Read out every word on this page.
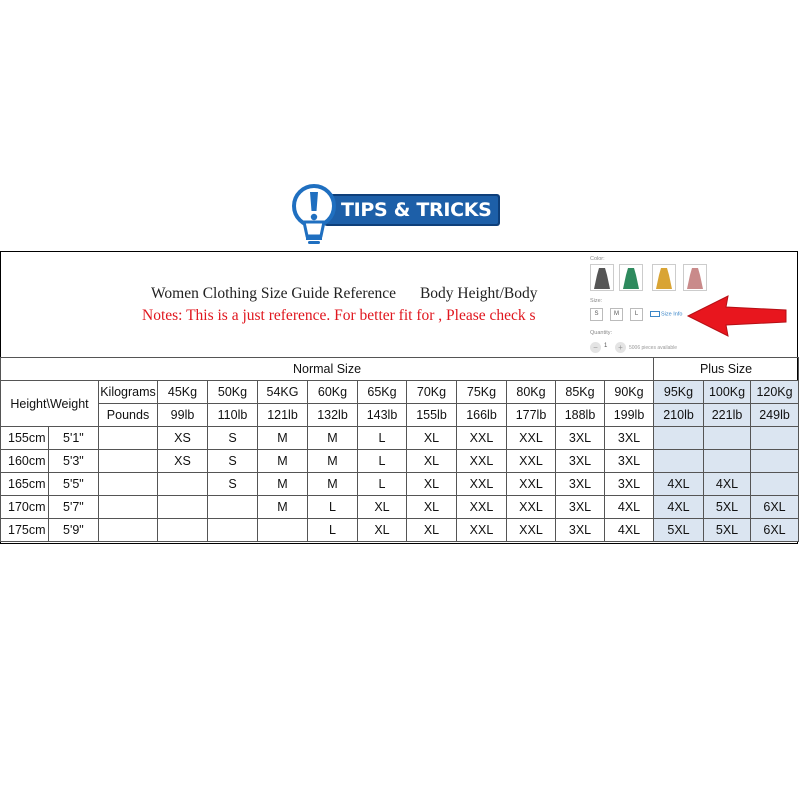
TIPS & TRICKS
Women Clothing Size Guide Reference Body Height/Body
Notes: This is a just reference. For better fit for , Please check s
Color:
Size:
S	M	L	Size Info
Quantity:
−	1	+	5006 pieces available
Normal Size													Plus Size		
Height\Weight		Kilograms	45Kg	50Kg	54KG	60Kg	65Kg	70Kg	75Kg	80Kg	85Kg	90Kg	95Kg	100Kg	120Kg
		Pounds	99lb	110lb	121lb	132lb	143lb	155lb	166lb	177lb	188lb	199lb	210lb	221lb	249lb
155cm	5'1"		XS	S	M	M	L	XL	XXL	XXL	3XL	3XL			
160cm	5'3"		XS	S	M	M	L	XL	XXL	XXL	3XL	3XL			
165cm	5'5"			S	M	M	L	XL	XXL	XXL	3XL	3XL	4XL	4XL	
170cm	5'7"				M	L	XL	XL	XXL	XXL	3XL	4XL	4XL	5XL	6XL
175cm	5'9"					L	XL	XL	XXL	XXL	3XL	4XL	5XL	5XL	6XL
